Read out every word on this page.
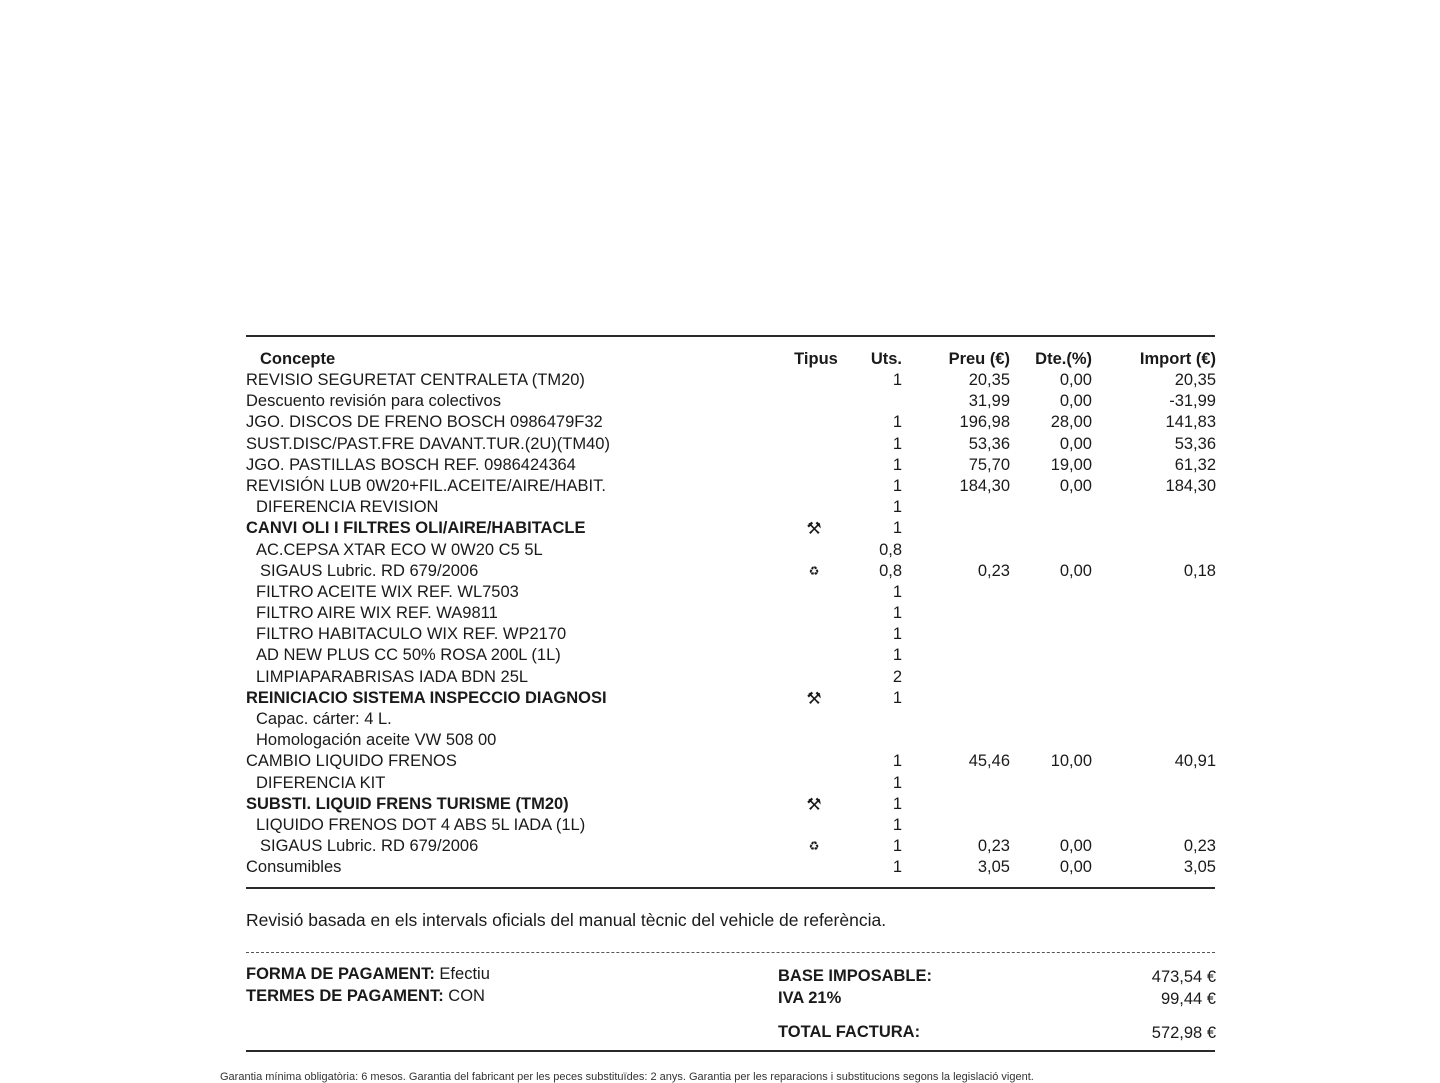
Concepte	Tipus Uts.	Preu (€) Dte.(%)	Import (€)
REVISIO SEGURETAT CENTRALETA (TM20)	1	20,35	0,00	20,35
Descuento revisión para colectivos	31,99	0,00	-31,99
JGO. DISCOS DE FRENO BOSCH 0986479F32	1	196,98 28,00	141,83
SUST.DISC/PAST.FRE DAVANT.TUR.(2U)(TM40)	1	53,36	0,00	53,36
JGO. PASTILLAS BOSCH REF. 0986424364	1	75,70 19,00	61,32
REVISIÓN LUB 0W20+FIL.ACEITE/AIRE/HABIT.	1	184,30	0,00	184,30
DIFERENCIA REVISION	1
CANVI OLI I FILTRES OLI/AIRE/HABITACLE	⚒	1
AC.CEPSA XTAR ECO W 0W20 C5 5L	0,8
SIGAUS Lubric. RD 679/2006	♻	0,8	0,23	0,00	0,18
FILTRO ACEITE WIX REF. WL7503	1
FILTRO AIRE WIX REF. WA9811	1
FILTRO HABITACULO WIX REF. WP2170	1
AD NEW PLUS CC 50% ROSA 200L (1L)	1
LIMPIAPARABRISAS IADA BDN 25L	2
REINICIACIO SISTEMA INSPECCIO DIAGNOSI	⚒	1
Capac. cárter: 4 L.
Homologación aceite VW 508 00
CAMBIO LIQUIDO FRENOS	1	45,46 10,00	40,91
DIFERENCIA KIT	1
SUBSTI. LIQUID FRENS TURISME (TM20)	⚒	1
LIQUIDO FRENOS DOT 4 ABS 5L IADA (1L)	1
SIGAUS Lubric. RD 679/2006	♻	1	0,23	0,00	0,23
Consumibles	1	3,05	0,00	3,05
Revisió basada en els intervals oficials del manual tècnic del vehicle de referència.
FORMA DE PAGAMENT: Efectiu
TERMES DE PAGAMENT: CON
BASE IMPOSABLE:	473,54 €
IVA 21%	99,44 €
TOTAL FACTURA:	572,98 €
Garantia mínima obligatòria: 6 mesos. Garantia del fabricant per les peces substituïdes: 2 anys. Garantia per les reparacions i substitucions segons la legislació vigent.
